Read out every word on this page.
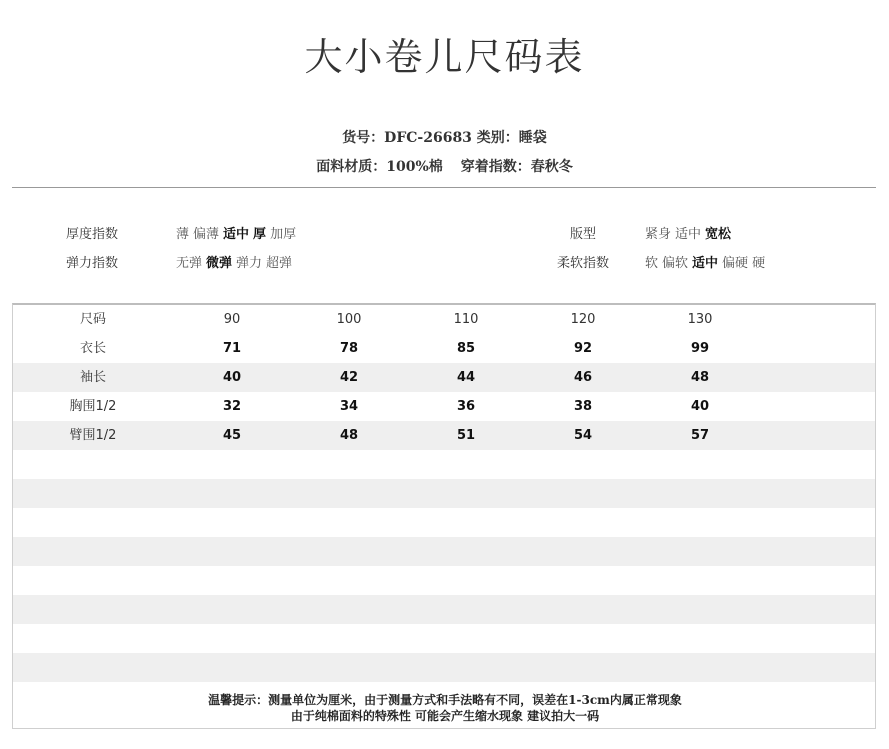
大小卷儿尺码表
货号：DFC-26683 类别：睡袋
面料材质：100%棉 穿着指数：春秋冬
厚度指数	薄 偏薄 适中 厚 加厚
弹力指数	无弹 微弹 弹力 超弹
版型	紧身 适中 宽松
柔软指数	软 偏软 适中 偏硬 硬
尺码	90	100	110	120	130
衣长	71	78	85	92	99
袖长	40	42	44	46	48
胸围1/2	32	34	36	38	40
臂围1/2	45	48	51	54	57
温馨提示：测量单位为厘米，由于测量方式和手法略有不同，误差在1-3cm内属正常现象
由于纯棉面料的特殊性 可能会产生缩水现象 建议拍大一码
